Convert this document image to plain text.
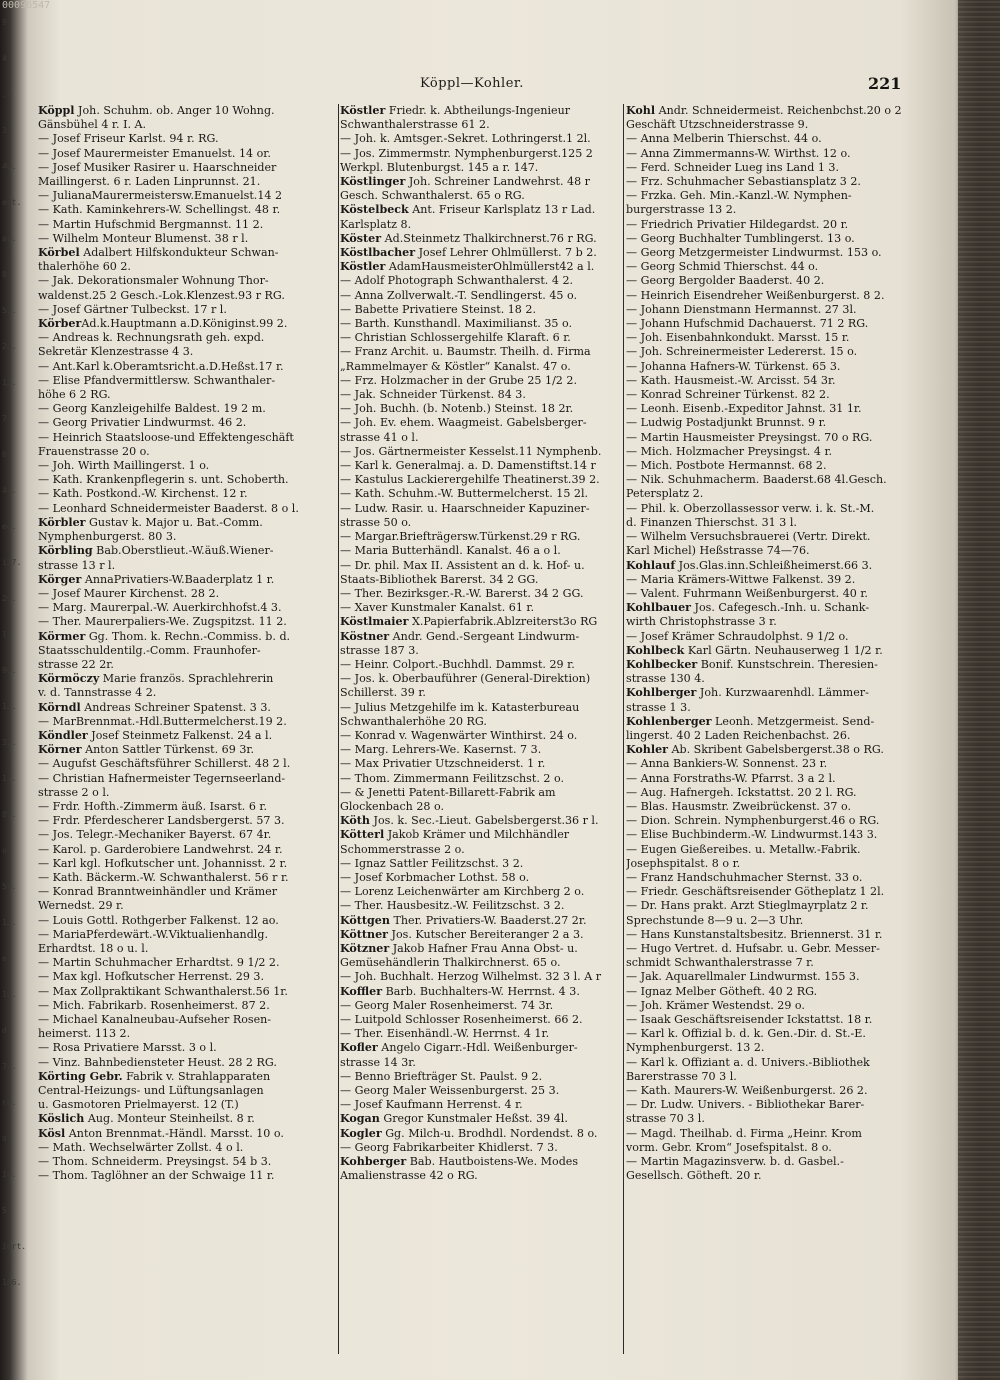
00096547
9.
4.
.4
3.
46.
ent.
ar.
8.
52.
28.
15.
7
6.
44.
ed.
i27.
20.
l.
90.
13.
32.
17.
89.
u-
54.
13.
e.
10.
d-
79.
re.
d.
14.
5.
iert.
166.
Köppl—Kohler.	221
Köppl Joh. Schuhm. ob. Anger 10 Wohng.
Gänsbühel 4 r. I. A.
— Josef Friseur Karlst. 94 r. RG.
— Josef Maurermeister Emanuelst. 14 or.
— Josef Musiker Rasirer u. Haarschneider
Maillingerst. 6 r. Laden Linprunnst. 21.
— JulianaMaurermeistersw.Emanuelst.14 2
— Kath. Kaminkehrers-W. Schellingst. 48 r.
— Martin Hufschmid Bergmannst. 11 2.
— Wilhelm Monteur Blumenst. 38 r l.
Körbel Adalbert Hilfskondukteur Schwan-
thalerhöhe 60 2.
— Jak. Dekorationsmaler Wohnung Thor-
waldenst.25 2 Gesch.-Lok.Klenzest.93 r RG.
— Josef Gärtner Tulbeckst. 17 r l.
KörberAd.k.Hauptmann a.D.Königinst.99 2.
— Andreas k. Rechnungsrath geh. expd.
Sekretär Klenzestrasse 4 3.
— Ant.Karl k.Oberamtsricht.a.D.Heßst.17 r.
— Elise Pfandvermittlersw. Schwanthaler-
höhe 6 2 RG.
— Georg Kanzleigehilfe Baldest. 19 2 m.
— Georg Privatier Lindwurmst. 46 2.
— Heinrich Staatsloose-und Effektengeschäft
Frauenstrasse 20 o.
— Joh. Wirth Maillingerst. 1 o.
— Kath. Krankenpflegerin s. unt. Schoberth.
— Kath. Postkond.-W. Kirchenst. 12 r.
— Leonhard Schneidermeister Baaderst. 8 o l.
Körbler Gustav k. Major u. Bat.-Comm.
Nymphenburgerst. 80 3.
Körbling Bab.Oberstlieut.-W.äuß.Wiener-
strasse 13 r l.
Körger AnnaPrivatiers-W.Baaderplatz 1 r.
— Josef Maurer Kirchenst. 28 2.
— Marg. Maurerpal.-W. Auerkirchhofst.4 3.
— Ther. Maurerpaliers-We. Zugspitzst. 11 2.
Körmer Gg. Thom. k. Rechn.-Commiss. b. d.
Staatsschuldentilg.-Comm. Fraunhofer-
strasse 22 2r.
Körmöczy Marie französ. Sprachlehrerin
v. d. Tannstrasse 4 2.
Körndl Andreas Schreiner Spatenst. 3 3.
— MarBrennmat.-Hdl.Buttermelcherst.19 2.
Köndler Josef Steinmetz Falkenst. 24 a l.
Körner Anton Sattler Türkenst. 69 3r.
— Augufst Geschäftsführer Schillerst. 48 2 l.
— Christian Hafnermeister Tegernseerland-
strasse 2 o l.
— Frdr. Hofth.-Zimmerm äuß. Isarst. 6 r.
— Frdr. Pferdescherer Landsbergerst. 57 3.
— Jos. Telegr.-Mechaniker Bayerst. 67 4r.
— Karol. p. Garderobiere Landwehrst. 24 r.
— Karl kgl. Hofkutscher unt. Johannisst. 2 r.
— Kath. Bäckerm.-W. Schwanthalerst. 56 r r.
— Konrad Branntweinhändler und Krämer
Wernedst. 29 r.
— Louis Gottl. Rothgerber Falkenst. 12 ao.
— MariaPferdewärt.-W.Viktualienhandlg.
Erhardtst. 18 o u. l.
— Martin Schuhmacher Erhardtst. 9 1/2 2.
— Max kgl. Hofkutscher Herrenst. 29 3.
— Max Zollpraktikant Schwanthalerst.56 1r.
— Mich. Fabrikarb. Rosenheimerst. 87 2.
— Michael Kanalneubau-Aufseher Rosen-
heimerst. 113 2.
— Rosa Privatiere Marsst. 3 o l.
— Vinz. Bahnbediensteter Heust. 28 2 RG.
Körting Gebr. Fabrik v. Strahlapparaten
Central-Heizungs- und Lüftungsanlagen
u. Gasmotoren Prielmayerst. 12 (T.)
Köslich Aug. Monteur Steinheilst. 8 r.
Kösl Anton Brennmat.-Händl. Marsst. 10 o.
— Math. Wechselwärter Zollst. 4 o l.
— Thom. Schneiderm. Preysingst. 54 b 3.
— Thom. Taglöhner an der Schwaige 11 r.
Köstler Friedr. k. Abtheilungs-Ingenieur
Schwanthalerstrasse 61 2.
— Joh. k. Amtsger.-Sekret. Lothringerst.1 2l.
— Jos. Zimmermstr. Nymphenburgerst.125 2
Werkpl. Blutenburgst. 145 a r. 147.
Köstlinger Joh. Schreiner Landwehrst. 48 r
Gesch. Schwanthalerst. 65 o RG.
Köstelbeck Ant. Friseur Karlsplatz 13 r Lad.
Karlsplatz 8.
Köster Ad.Steinmetz Thalkirchnerst.76 r RG.
Köstlbacher Josef Lehrer Ohlmüllerst. 7 b 2.
Köstler AdamHausmeisterOhlmüllerst42 a l.
— Adolf Photograph Schwanthalerst. 4 2.
— Anna Zollverwalt.-T. Sendlingerst. 45 o.
— Babette Privatiere Steinst. 18 2.
— Barth. Kunsthandl. Maximilianst. 35 o.
— Christian Schlossergehilfe Klaraft. 6 r.
— Franz Archit. u. Baumstr. Theilh. d. Firma
„Rammelmayer & Köstler“ Kanalst. 47 o.
— Frz. Holzmacher in der Grube 25 1/2 2.
— Jak. Schneider Türkenst. 84 3.
— Joh. Buchh. (b. Notenb.) Steinst. 18 2r.
— Joh. Ev. ehem. Waagmeist. Gabelsberger-
strasse 41 o l.
— Jos. Gärtnermeister Kesselst.11 Nymphenb.
— Karl k. Generalmaj. a. D. Damenstiftst.14 r
— Kastulus Lackierergehilfe Theatinerst.39 2.
— Kath. Schuhm.-W. Buttermelcherst. 15 2l.
— Ludw. Rasir. u. Haarschneider Kapuziner-
strasse 50 o.
— Margar.Briefträgersw.Türkenst.29 r RG.
— Maria Butterhändl. Kanalst. 46 a o l.
— Dr. phil. Max II. Assistent an d. k. Hof- u.
Staats-Bibliothek Barerst. 34 2 GG.
— Ther. Bezirksger.-R.-W. Barerst. 34 2 GG.
— Xaver Kunstmaler Kanalst. 61 r.
Köstlmaier X.Papierfabrik.Ablzreiterst3o RG
Köstner Andr. Gend.-Sergeant Lindwurm-
strasse 187 3.
— Heinr. Colport.-Buchhdl. Dammst. 29 r.
— Jos. k. Oberbauführer (General-Direktion)
Schillerst. 39 r.
— Julius Metzgehilfe im k. Katasterbureau
Schwanthalerhöhe 20 RG.
— Konrad v. Wagenwärter Winthirst. 24 o.
— Marg. Lehrers-We. Kasernst. 7 3.
— Max Privatier Utzschneiderst. 1 r.
— Thom. Zimmermann Feilitzschst. 2 o.
— & Jenetti Patent-Billarett-Fabrik am
Glockenbach 28 o.
Köth Jos. k. Sec.-Lieut. Gabelsbergerst.36 r l.
Kötterl Jakob Krämer und Milchhändler
Schommerstrasse 2 o.
— Ignaz Sattler Feilitzschst. 3 2.
— Josef Korbmacher Lothst. 58 o.
— Lorenz Leichenwärter am Kirchberg 2 o.
— Ther. Hausbesitz.-W. Feilitzschst. 3 2.
Köttgen Ther. Privatiers-W. Baaderst.27 2r.
Köttner Jos. Kutscher Bereiteranger 2 a 3.
Kötzner Jakob Hafner Frau Anna Obst- u.
Gemüsehändlerin Thalkirchnerst. 65 o.
— Joh. Buchhalt. Herzog Wilhelmst. 32 3 l. A r
Koffler Barb. Buchhalters-W. Herrnst. 4 3.
— Georg Maler Rosenheimerst. 74 3r.
— Luitpold Schlosser Rosenheimerst. 66 2.
— Ther. Eisenhändl.-W. Herrnst. 4 1r.
Kofler Angelo Cigarr.-Hdl. Weißenburger-
strasse 14 3r.
— Benno Briefträger St. Paulst. 9 2.
— Georg Maler Weissenburgerst. 25 3.
— Josef Kaufmann Herrenst. 4 r.
Kogan Gregor Kunstmaler Heßst. 39 4l.
Kogler Gg. Milch-u. Brodhdl. Nordendst. 8 o.
— Georg Fabrikarbeiter Khidlerst. 7 3.
Kohberger Bab. Hautboistens-We. Modes
Amalienstrasse 42 o RG.
Kohl Andr. Schneidermeist. Reichenbchst.20 o 2
Geschäft Utzschneiderstrasse 9.
— Anna Melberin Thierschst. 44 o.
— Anna Zimmermanns-W. Wirthst. 12 o.
— Ferd. Schneider Lueg ins Land 1 3.
— Frz. Schuhmacher Sebastiansplatz 3 2.
— Frzka. Geh. Min.-Kanzl.-W. Nymphen-
burgerstrasse 13 2.
— Friedrich Privatier Hildegardst. 20 r.
— Georg Buchhalter Tumblingerst. 13 o.
— Georg Metzgermeister Lindwurmst. 153 o.
— Georg Schmid Thierschst. 44 o.
— Georg Bergolder Baaderst. 40 2.
— Heinrich Eisendreher Weißenburgerst. 8 2.
— Johann Dienstmann Hermannst. 27 3l.
— Johann Hufschmid Dachauerst. 71 2 RG.
— Joh. Eisenbahnkondukt. Marsst. 15 r.
— Joh. Schreinermeister Ledererst. 15 o.
— Johanna Hafners-W. Türkenst. 65 3.
— Kath. Hausmeist.-W. Arcisst. 54 3r.
— Konrad Schreiner Türkenst. 82 2.
— Leonh. Eisenb.-Expeditor Jahnst. 31 1r.
— Ludwig Postadjunkt Brunnst. 9 r.
— Martin Hausmeister Preysingst. 70 o RG.
— Mich. Holzmacher Preysingst. 4 r.
— Mich. Postbote Hermannst. 68 2.
— Nik. Schuhmacherm. Baaderst.68 4l.Gesch.
Petersplatz 2.
— Phil. k. Oberzollassessor verw. i. k. St.-M.
d. Finanzen Thierschst. 31 3 l.
— Wilhelm Versuchsbrauerei (Vertr. Direkt.
Karl Michel) Heßstrasse 74—76.
Kohlauf Jos.Glas.inn.Schleißheimerst.66 3.
— Maria Krämers-Wittwe Falkenst. 39 2.
— Valent. Fuhrmann Weißenburgerst. 40 r.
Kohlbauer Jos. Cafegesch.-Inh. u. Schank-
wirth Christophstrasse 3 r.
— Josef Krämer Schraudolphst. 9 1/2 o.
Kohlbeck Karl Gärtn. Neuhauserweg 1 1/2 r.
Kohlbecker Bonif. Kunstschrein. Theresien-
strasse 130 4.
Kohlberger Joh. Kurzwaarenhdl. Lämmer-
strasse 1 3.
Kohlenberger Leonh. Metzgermeist. Send-
lingerst. 40 2 Laden Reichenbachst. 26.
Kohler Ab. Skribent Gabelsbergerst.38 o RG.
— Anna Bankiers-W. Sonnenst. 23 r.
— Anna Forstraths-W. Pfarrst. 3 a 2 l.
— Aug. Hafnergeh. Ickstattst. 20 2 l. RG.
— Blas. Hausmstr. Zweibrückenst. 37 o.
— Dion. Schrein. Nymphenburgerst.46 o RG.
— Elise Buchbinderm.-W. Lindwurmst.143 3.
— Eugen Gießereibes. u. Metallw.-Fabrik.
Josephspitalst. 8 o r.
— Franz Handschuhmacher Sternst. 33 o.
— Friedr. Geschäftsreisender Götheplatz 1 2l.
— Dr. Hans prakt. Arzt Stieglmayrplatz 2 r.
Sprechstunde 8—9 u. 2—3 Uhr.
— Hans Kunstanstaltsbesitz. Briennerst. 31 r.
— Hugo Vertret. d. Hufsabr. u. Gebr. Messer-
schmidt Schwanthalerstrasse 7 r.
— Jak. Aquarellmaler Lindwurmst. 155 3.
— Ignaz Melber Götheft. 40 2 RG.
— Joh. Krämer Westendst. 29 o.
— Isaak Geschäftsreisender Ickstattst. 18 r.
— Karl k. Offizial b. d. k. Gen.-Dir. d. St.-E.
Nymphenburgerst. 13 2.
— Karl k. Offiziant a. d. Univers.-Bibliothek
Barerstrasse 70 3 l.
— Kath. Maurers-W. Weißenburgerst. 26 2.
— Dr. Ludw. Univers. - Bibliothekar Barer-
strasse 70 3 l.
— Magd. Theilhab. d. Firma „Heinr. Krom
vorm. Gebr. Krom“ Josefspitalst. 8 o.
— Martin Magazinsverw. b. d. Gasbel.-
Gesellsch. Götheft. 20 r.
